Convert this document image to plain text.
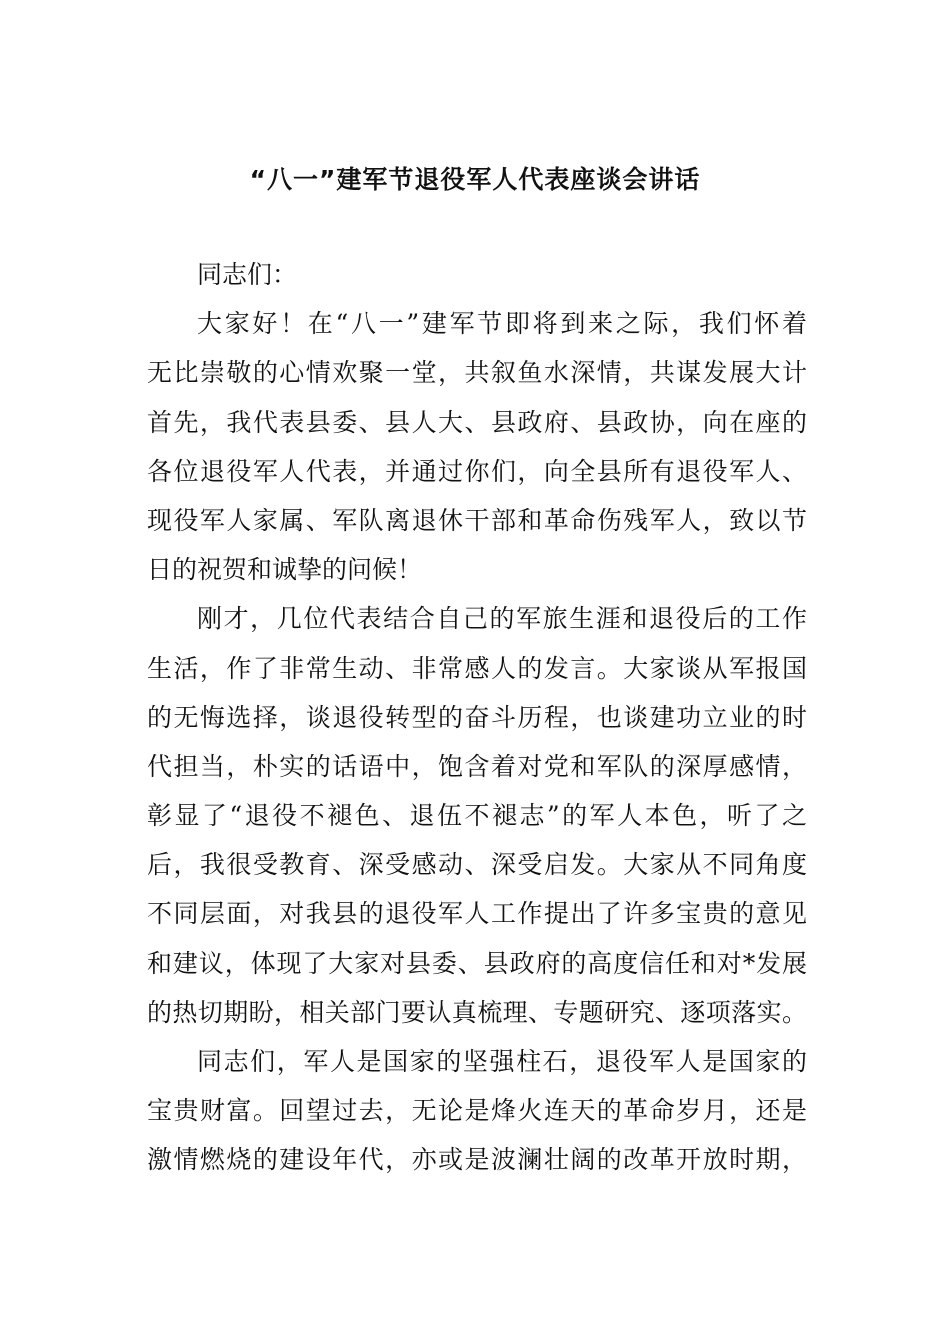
“八一”建军节退役军人代表座谈会讲话
同志们：
大家好！在“八一”建军节即将到来之际，我们怀着
无比崇敬的心情欢聚一堂，共叙鱼水深情，共谋发展大计
首先，我代表县委、县人大、县政府、县政协，向在座的
各位退役军人代表，并通过你们，向全县所有退役军人、
现役军人家属、军队离退休干部和革命伤残军人，致以节
日的祝贺和诚挚的问候！
刚才，几位代表结合自己的军旅生涯和退役后的工作
生活，作了非常生动、非常感人的发言。大家谈从军报国
的无悔选择，谈退役转型的奋斗历程，也谈建功立业的时
代担当，朴实的话语中，饱含着对党和军队的深厚感情，
彰显了“退役不褪色、退伍不褪志”的军人本色，听了之
后，我很受教育、深受感动、深受启发。大家从不同角度
不同层面，对我县的退役军人工作提出了许多宝贵的意见
和建议，体现了大家对县委、县政府的高度信任和对*发展
的热切期盼，相关部门要认真梳理、专题研究、逐项落实。
同志们，军人是国家的坚强柱石，退役军人是国家的
宝贵财富。回望过去，无论是烽火连天的革命岁月，还是
激情燃烧的建设年代，亦或是波澜壮阔的改革开放时期，
